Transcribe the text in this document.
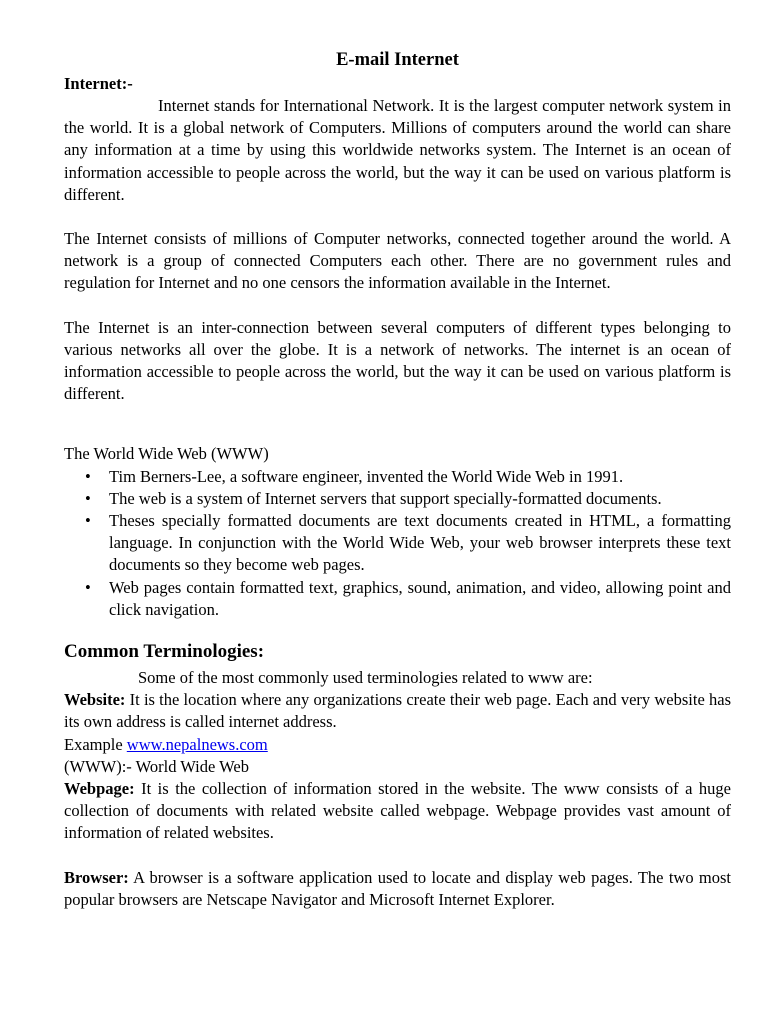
E-mail Internet
Internet:-

Internet stands for International Network. It is the largest computer network system in the world. It is a global network of Computers. Millions of computers around the world can share any information at a time by using this worldwide networks system. The Internet is an ocean of information accessible to people across the world, but the way it can be used on various platform is different.

The Internet consists of millions of Computer networks, connected together around the world. A network is a group of connected Computers each other. There are no government rules and regulation for Internet and no one censors the information available in the Internet.

The Internet is an inter-connection between several computers of different types belonging to various networks all over the globe. It is a network of networks. The internet is an ocean of information accessible to people across the world, but the way it can be used on various platform is different.

The World Wide Web (WWW)

• Tim Berners-Lee, a software engineer, invented the World Wide Web in 1991.
• The web is a system of Internet servers that support specially-formatted documents.
• Theses specially formatted documents are text documents created in HTML, a formatting language. In conjunction with the World Wide Web, your web browser interprets these text documents so they become web pages.
• Web pages contain formatted text, graphics, sound, animation, and video, allowing point and click navigation.
Common Terminologies:

Some of the most commonly used terminologies related to www are:

Website: It is the location where any organizations create their web page. Each and very website has its own address is called internet address.

Example www.nepalnews.com

(WWW):- World Wide Web

Webpage: It is the collection of information stored in the website. The www consists of a huge collection of documents with related website called webpage. Webpage provides vast amount of information of related websites.

Browser: A browser is a software application used to locate and display web pages. The two most popular browsers are Netscape Navigator and Microsoft Internet Explorer.
